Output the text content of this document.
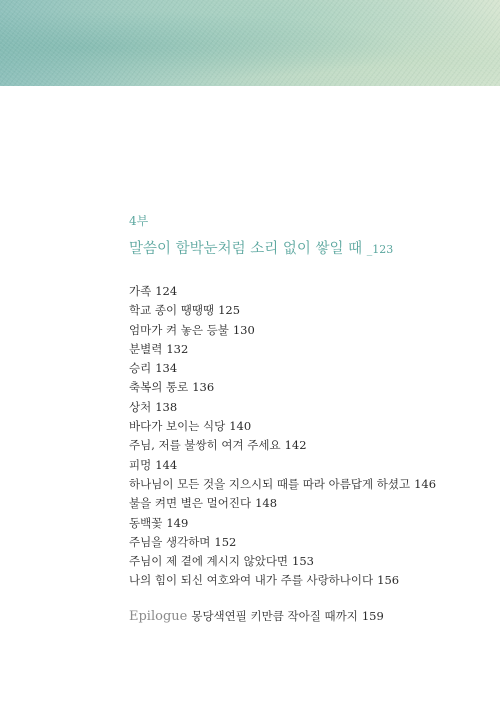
4부

말씀이 함박눈처럼 소리 없이 쌓일 때 _123

가족 124
학교 종이 땡땡땡 125
엄마가 켜 놓은 등불 130
분별력 132
승리 134
축복의 통로 136
상처 138
바다가 보이는 식당 140
주님, 저를 불쌍히 여겨 주세요 142
피멍 144
하나님이 모든 것을 지으시되 때를 따라 아름답게 하셨고 146
불을 켜면 별은 멀어진다 148
동백꽃 149
주님을 생각하며 152
주님이 제 곁에 계시지 않았다면 153
나의 힘이 되신 여호와여 내가 주를 사랑하나이다 156
Epilogue 몽당색연필 키만큼 작아질 때까지 159
